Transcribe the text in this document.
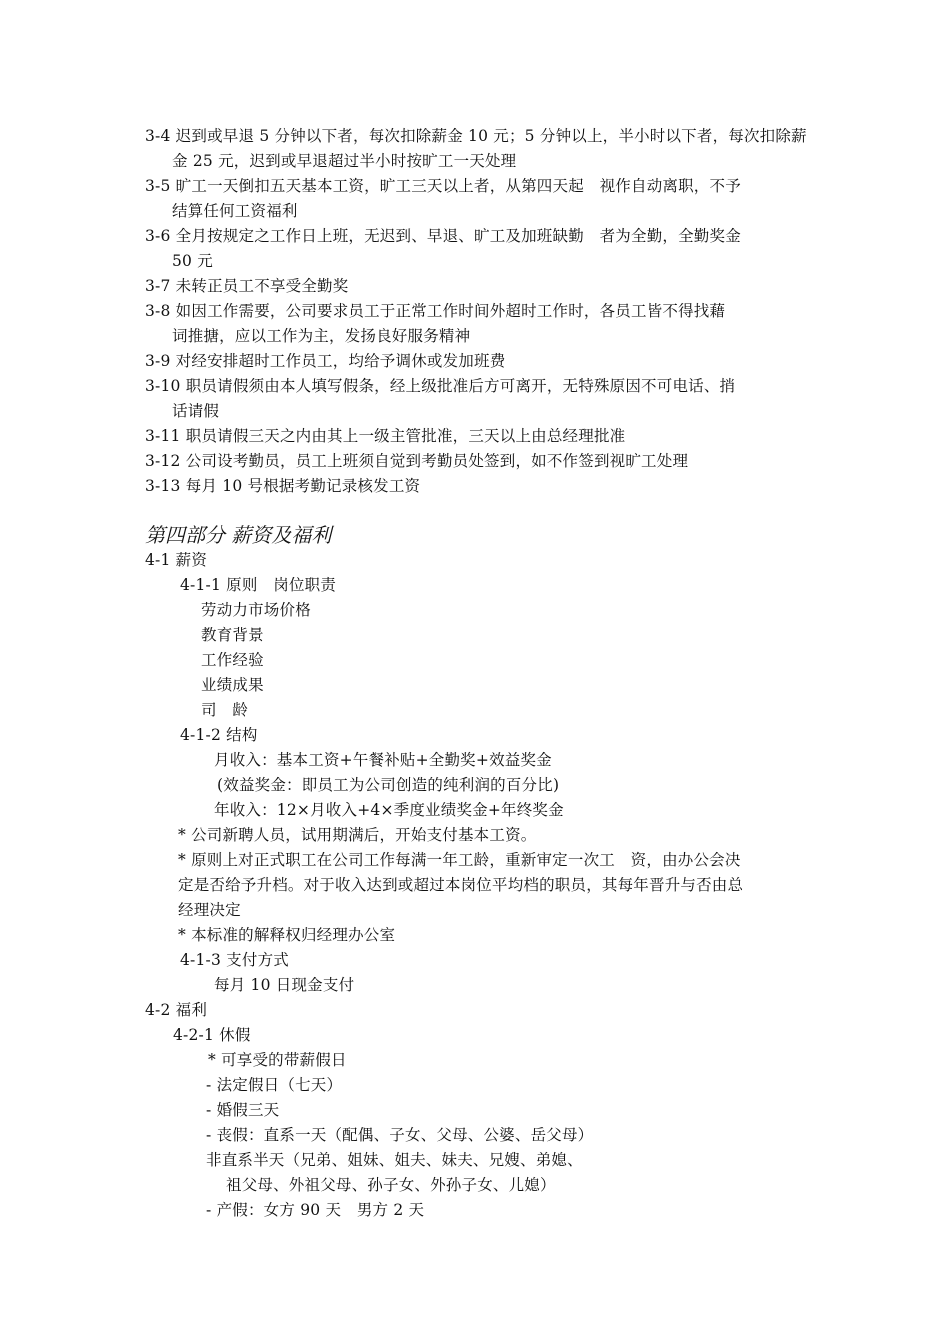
3-4 迟到或早退 5 分钟以下者，每次扣除薪金 10 元；5 分钟以上，半小时以下者，每次扣除薪
金 25 元，迟到或早退超过半小时按旷工一天处理
3-5 旷工一天倒扣五天基本工资，旷工三天以上者，从第四天起　视作自动离职，不予
结算任何工资福利
3-6 全月按规定之工作日上班，无迟到、早退、旷工及加班缺勤　者为全勤，全勤奖金
50 元
3-7 未转正员工不享受全勤奖
3-8 如因工作需要，公司要求员工于正常工作时间外超时工作时，各员工皆不得找藉
词推搪，应以工作为主，发扬良好服务精神
3-9 对经安排超时工作员工，均给予调休或发加班费
3-10 职员请假须由本人填写假条，经上级批准后方可离开，无特殊原因不可电话、捎
话请假
3-11 职员请假三天之内由其上一级主管批准，三天以上由总经理批准
3-12 公司设考勤员，员工上班须自觉到考勤员处签到，如不作签到视旷工处理
3-13 每月 10 号根据考勤记录核发工资
第四部分 薪资及福利
4-1 薪资
4-1-1 原则　岗位职责
劳动力市场价格
教育背景
工作经验
业绩成果
司　龄
4-1-2 结构
月收入：基本工资+午餐补贴+全勤奖+效益奖金
(效益奖金：即员工为公司创造的纯利润的百分比)
年收入：12×月收入+4×季度业绩奖金+年终奖金
* 公司新聘人员，试用期满后，开始支付基本工资。
* 原则上对正式职工在公司工作每满一年工龄，重新审定一次工　资，由办公会决
定是否给予升档。对于收入达到或超过本岗位平均档的职员，其每年晋升与否由总
经理决定
* 本标准的解释权归经理办公室
4-1-3 支付方式
每月 10 日现金支付
4-2 福利
4-2-1 休假
* 可享受的带薪假日
- 法定假日（七天）
- 婚假三天
- 丧假：直系一天（配偶、子女、父母、公婆、岳父母）
非直系半天（兄弟、姐妹、姐夫、妹夫、兄嫂、弟媳、
祖父母、外祖父母、孙子女、外孙子女、儿媳）
- 产假：女方 90 天　男方 2 天
